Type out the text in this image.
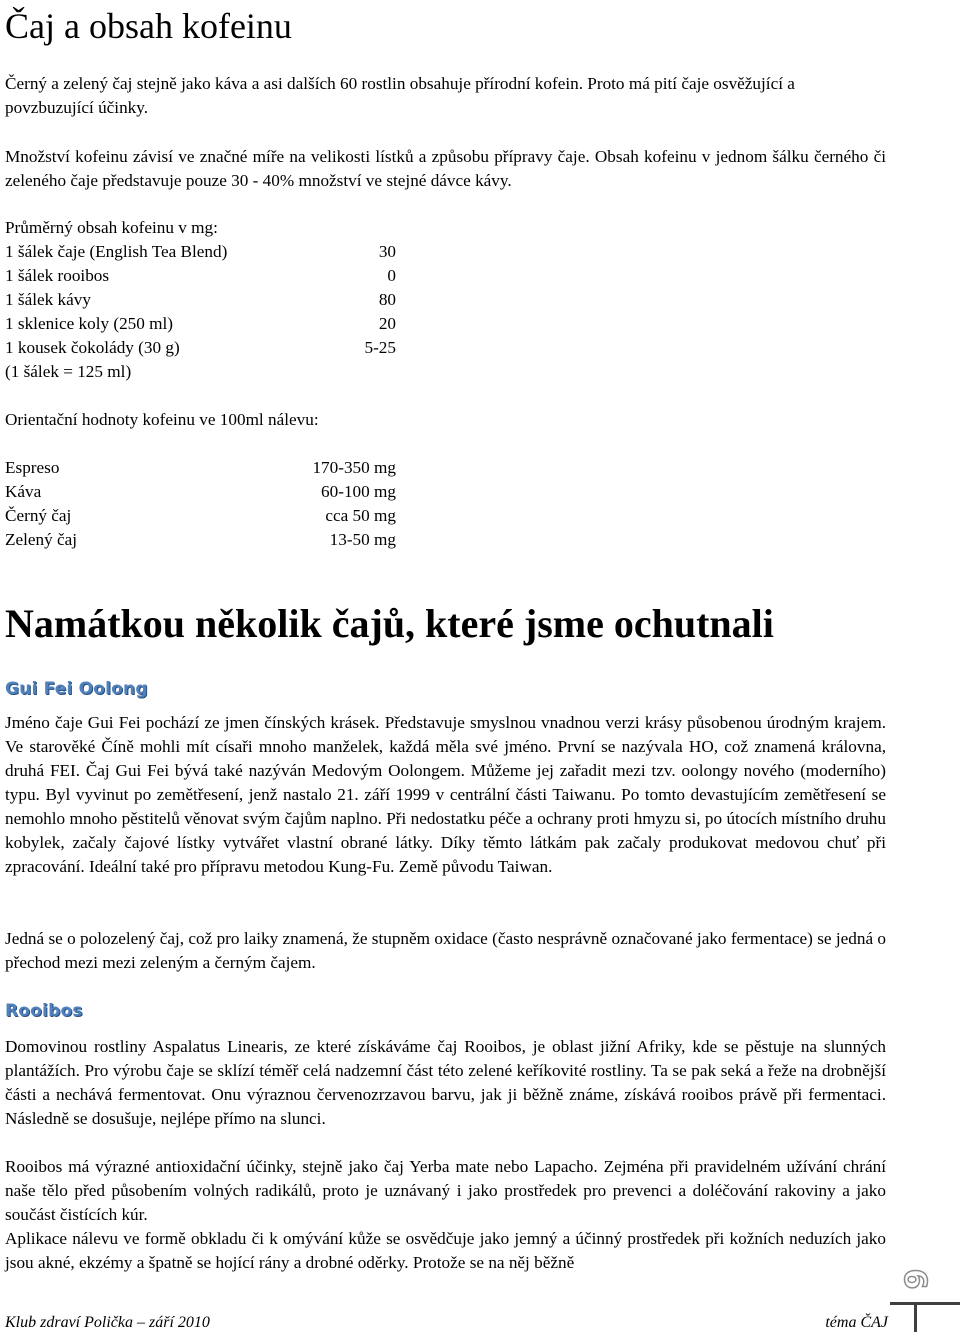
Čaj a obsah kofeinu

Černý a zelený čaj stejně jako káva a asi dalších 60 rostlin obsahuje přírodní kofein. Proto má pití čaje osvěžující a povzbuzující účinky.

Množství kofeinu závisí ve značné míře na velikosti lístků a způsobu přípravy čaje. Obsah kofeinu v jednom šálku černého či zeleného čaje představuje pouze 30 - 40% množství ve stejné dávce kávy.

Průměrný obsah kofeinu v mg:
1 šálek čaje (English Tea Blend)	30
1 šálek rooibos	0
1 šálek kávy	80
1 sklenice koly (250 ml)	20
1 kousek čokolády (30 g)	5-25
(1 šálek = 125 ml)
Orientační hodnoty kofeinu ve 100ml nálevu:
Espreso	170-350 mg
Káva	60-100 mg
Černý čaj	cca 50 mg
Zelený čaj	13-50 mg
Namátkou několik čajů, které jsme ochutnali
Gui Fei Oolong

Jméno čaje Gui Fei pochází ze jmen čínských krásek. Představuje smyslnou vnadnou verzi krásy působenou úrodným krajem. Ve starověké Číně mohli mít císaři mnoho manželek, každá měla své jméno. První se nazývala HO, což znamená královna, druhá FEI. Čaj Gui Fei bývá také nazýván Medovým Oolongem. Můžeme jej zařadit mezi tzv. oolongy nového (moderního) typu. Byl vyvinut po zemětřesení, jenž nastalo 21. září 1999 v centrální části Taiwanu. Po tomto devastujícím zemětřesení se nemohlo mnoho pěstitelů věnovat svým čajům naplno. Při nedostatku péče a ochrany proti hmyzu si, po útocích místního druhu kobylek, začaly čajové lístky vytvářet vlastní obrané látky. Díky těmto látkám pak začaly produkovat medovou chuť při zpracování. Ideální také pro přípravu metodou Kung-Fu. Země původu Taiwan.

Jedná se o polozelený čaj, což pro laiky znamená, že stupněm oxidace (často nesprávně označované jako fermentace) se jedná o přechod mezi mezi zeleným a černým čajem.

Rooibos

Domovinou rostliny Aspalatus Linearis, ze které získáváme čaj Rooibos, je oblast jižní Afriky, kde se pěstuje na slunných plantážích. Pro výrobu čaje se sklízí téměř celá nadzemní část této zelené keříkovité rostliny. Ta se pak seká a řeže na drobnější části a nechává fermentovat. Onu výraznou červenozrzavou barvu, jak ji běžně známe, získává rooibos právě při fermentaci. Následně se dosušuje, nejlépe přímo na slunci.

Rooibos má výrazné antioxidační účinky, stejně jako čaj Yerba mate nebo Lapacho. Zejména při pravidelném užívání chrání naše tělo před působením volných radikálů, proto je uznávaný i jako prostředek pro prevenci a doléčování rakoviny a jako součást čistících kúr.

Aplikace nálevu ve formě obkladu či k omývání kůže se osvědčuje jako jemný a účinný prostředek při kožních neduzích jako jsou akné, ekzémy a špatně se hojící rány a drobné oděrky. Protože se na něj běžně

6
Klub zdraví Polička – září 2010	téma ČAJ
